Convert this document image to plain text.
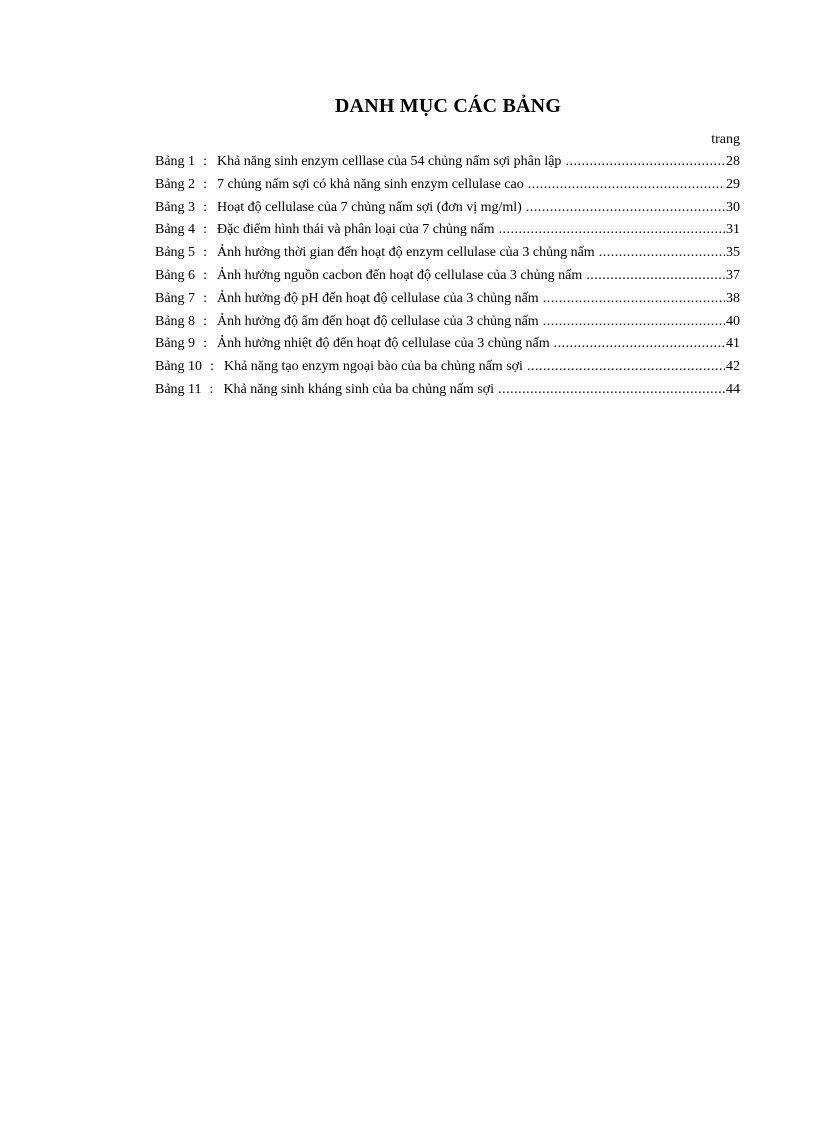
DANH MỤC CÁC BẢNG
trang
Bảng 1 : Khả năng sinh enzym celllase của 54 chủng nấm sợi phân lập .....	28
Bảng 2 : 7 chủng nấm sợi có khả năng sinh enzym cellulase cao .....	29
Bảng 3 : Hoạt độ cellulase của 7 chủng nấm sợi (đơn vị mg/ml) .....	30
Bảng 4 : Đặc điểm hình thái và phân loại của 7 chủng nấm .....	31
Bảng 5 : Ảnh hưởng thời gian đến hoạt độ enzym cellulase của 3 chủng nấm .....	35
Bảng 6 : Ảnh hưởng nguồn cacbon đến hoạt độ cellulase của 3 chủng nấm .....	37
Bảng 7 : Ảnh hưởng độ pH đến hoạt độ cellulase của 3 chủng nấm .....	38
Bảng 8 : Ảnh hưởng độ ẩm đến hoạt độ cellulase của 3 chủng nấm .....	40
Bảng 9 : Ảnh hưởng nhiệt độ đến hoạt độ cellulase của 3 chủng nấm .....	41
Bảng 10 : Khả năng tạo enzym ngoại bào của ba chủng nấm sợi .....	42
Bảng 11 : Khả năng sinh kháng sinh của ba chủng nấm sợi .....	44
